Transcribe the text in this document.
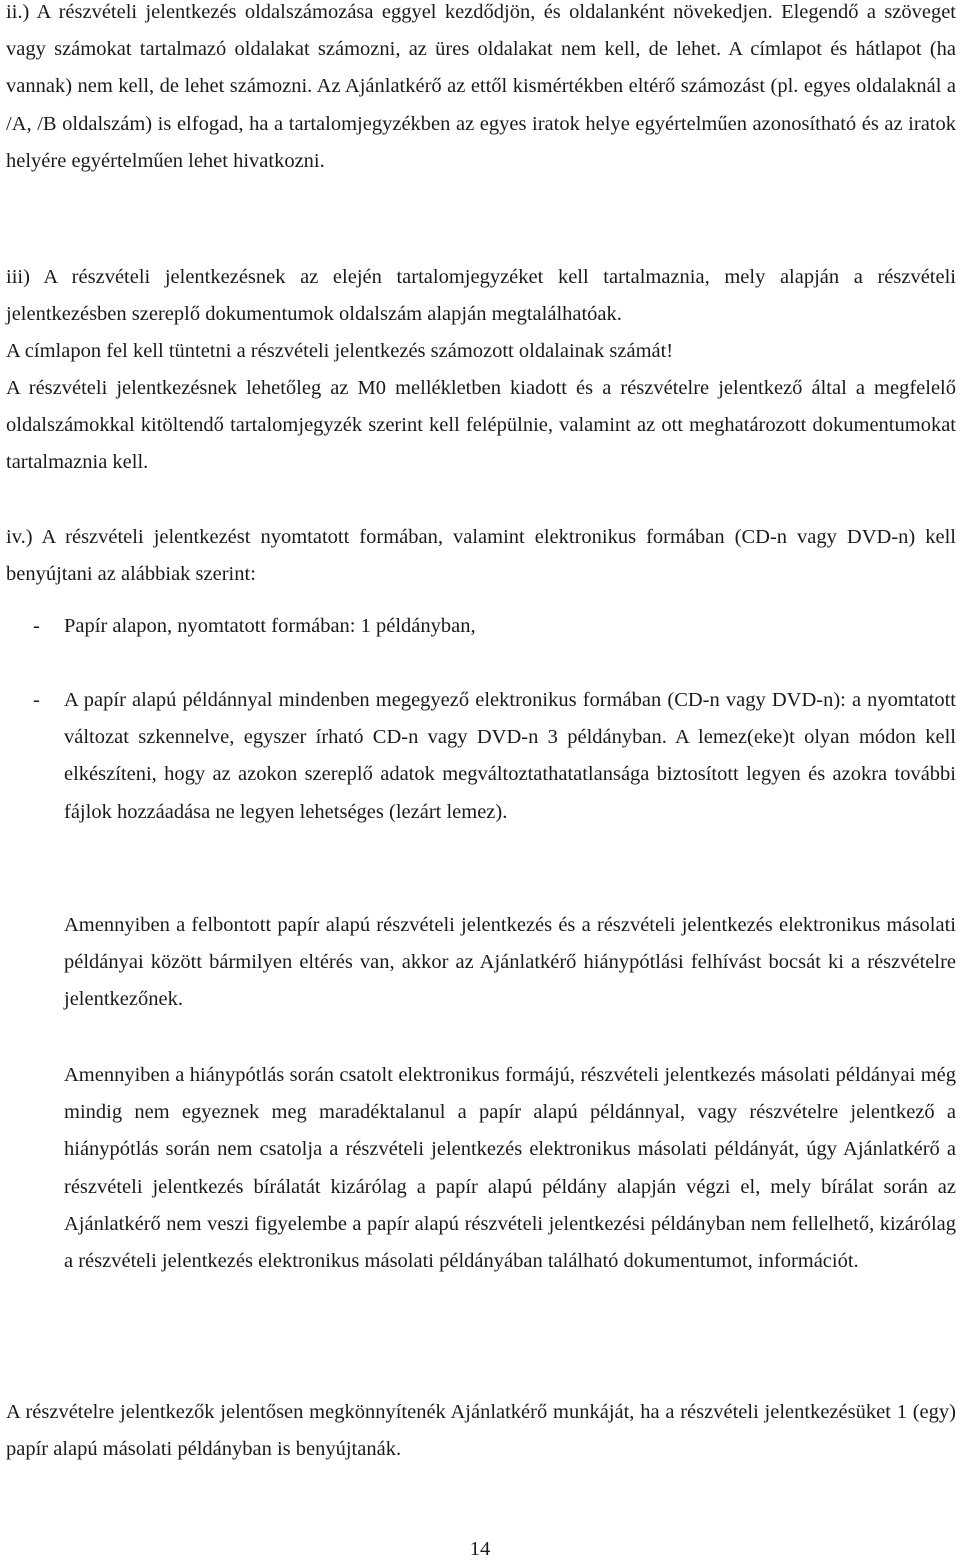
ii.) A részvételi jelentkezés oldalszámozása eggyel kezdődjön, és oldalanként növekedjen. Elegendő a szöveget vagy számokat tartalmazó oldalakat számozni, az üres oldalakat nem kell, de lehet. A címlapot és hátlapot (ha vannak) nem kell, de lehet számozni. Az Ajánlatkérő az ettől kismértékben eltérő számozást (pl. egyes oldalaknál a /A, /B oldalszám) is elfogad, ha a tartalomjegyzékben az egyes iratok helye egyértelműen azonosítható és az iratok helyére egyértelműen lehet hivatkozni.

iii) A részvételi jelentkezésnek az elején tartalomjegyzéket kell tartalmaznia, mely alapján a részvételi jelentkezésben szereplő dokumentumok oldalszám alapján megtalálhatóak.

A címlapon fel kell tüntetni a részvételi jelentkezés számozott oldalainak számát!

A részvételi jelentkezésnek lehetőleg az M0 mellékletben kiadott és a részvételre jelentkező által a megfelelő oldalszámokkal kitöltendő tartalomjegyzék szerint kell felépülnie, valamint az ott meghatározott dokumentumokat tartalmaznia kell.

iv.) A részvételi jelentkezést nyomtatott formában, valamint elektronikus formában (CD-n vagy DVD-n) kell benyújtani az alábbiak szerint:

- Papír alapon, nyomtatott formában: 1 példányban,

- A papír alapú példánnyal mindenben megegyező elektronikus formában (CD-n vagy DVD-n): a nyomtatott változat szkennelve, egyszer írható CD-n vagy DVD-n 3 példányban. A lemez(eke)t olyan módon kell elkészíteni, hogy az azokon szereplő adatok megváltoztathatatlansága biztosított legyen és azokra további fájlok hozzáadása ne legyen lehetséges (lezárt lemez).

Amennyiben a felbontott papír alapú részvételi jelentkezés és a részvételi jelentkezés elektronikus másolati példányai között bármilyen eltérés van, akkor az Ajánlatkérő hiánypótlási felhívást bocsát ki a részvételre jelentkezőnek.

Amennyiben a hiánypótlás során csatolt elektronikus formájú, részvételi jelentkezés másolati példányai még mindig nem egyeznek meg maradéktalanul a papír alapú példánnyal, vagy részvételre jelentkező a hiánypótlás során nem csatolja a részvételi jelentkezés elektronikus másolati példányát, úgy Ajánlatkérő a részvételi jelentkezés bírálatát kizárólag a papír alapú példány alapján végzi el, mely bírálat során az Ajánlatkérő nem veszi figyelembe a papír alapú részvételi jelentkezési példányban nem fellelhető, kizárólag a részvételi jelentkezés elektronikus másolati példányában található dokumentumot, információt.

A részvételre jelentkezők jelentősen megkönnyítenék Ajánlatkérő munkáját, ha a részvételi jelentkezésüket 1 (egy) papír alapú másolati példányban is benyújtanák.

14
